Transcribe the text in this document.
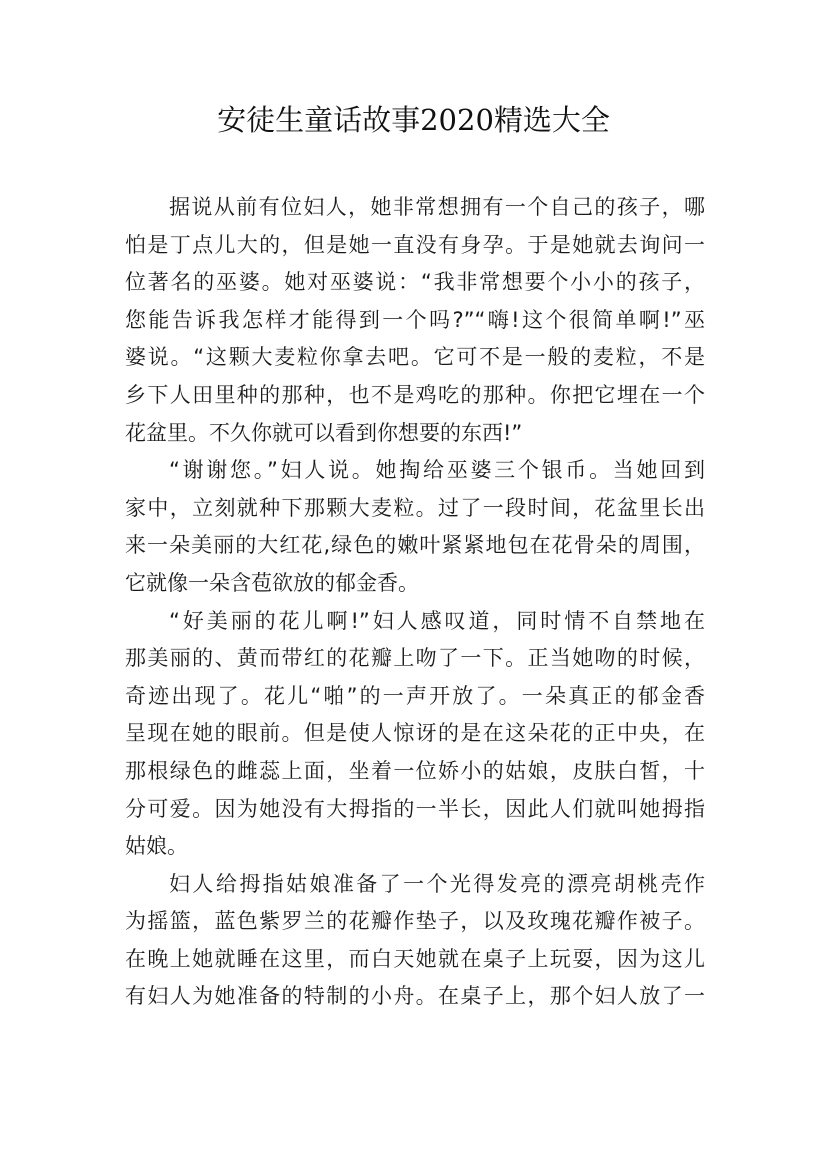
安徒生童话故事2020精选大全
据说从前有位妇人，她非常想拥有一个自己的孩子，哪
怕是丁点儿大的，但是她一直没有身孕。于是她就去询问一
位著名的巫婆。她对巫婆说：“我非常想要个小小的孩子，
您能告诉我怎样才能得到一个吗?”“嗨!这个很简单啊!”巫
婆说。“这颗大麦粒你拿去吧。它可不是一般的麦粒，不是
乡下人田里种的那种，也不是鸡吃的那种。你把它埋在一个
花盆里。不久你就可以看到你想要的东西!”
“谢谢您。”妇人说。她掏给巫婆三个银币。当她回到
家中，立刻就种下那颗大麦粒。过了一段时间，花盆里长出
来一朵美丽的大红花,绿色的嫩叶紧紧地包在花骨朵的周围，
它就像一朵含苞欲放的郁金香。
“好美丽的花儿啊!”妇人感叹道，同时情不自禁地在
那美丽的、黄而带红的花瓣上吻了一下。正当她吻的时候，
奇迹出现了。花儿“啪”的一声开放了。一朵真正的郁金香
呈现在她的眼前。但是使人惊讶的是在这朵花的正中央，在
那根绿色的雌蕊上面，坐着一位娇小的姑娘，皮肤白皙，十
分可爱。因为她没有大拇指的一半长，因此人们就叫她拇指
姑娘。
妇人给拇指姑娘准备了一个光得发亮的漂亮胡桃壳作
为摇篮，蓝色紫罗兰的花瓣作垫子，以及玫瑰花瓣作被子。
在晚上她就睡在这里，而白天她就在桌子上玩耍，因为这儿
有妇人为她准备的特制的小舟。在桌子上，那个妇人放了一
